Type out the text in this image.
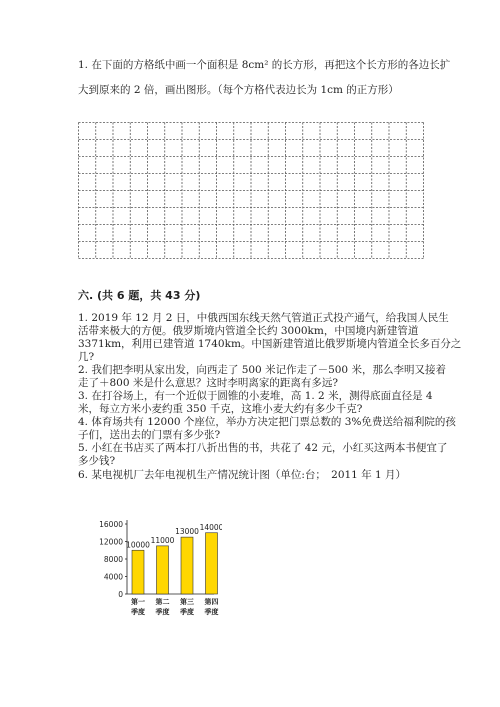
1. 在下面的方格纸中画一个面积是 8cm² 的长方形，再把这个长方形的各边长扩
大到原来的 2 倍，画出图形。（每个方格代表边长为 1cm 的正方形）
六. (共 6 题，共 43 分)
1. 2019 年 12 月 2 日，中俄西国东线天然气管道正式投产通气，给我国人民生
活带来极大的方便。俄罗斯境内管道全长约 3000km，中国境内新建管道
3371km，利用已建管道 1740km。中国新建管道比俄罗斯境内管道全长多百分之
几?
2. 我们把李明从家出发，向西走了 500 米记作走了－500 米，那么李明又接着
走了＋800 米是什么意思？这时李明离家的距离有多远?
3. 在打谷场上，有一个近似于圆锥的小麦堆，高 1. 2 米，测得底面直径是 4
米，每立方米小麦约重 350 千克，这堆小麦大约有多少千克?
4. 体育场共有 12000 个座位，举办方决定把门票总数的 3%免费送给福利院的孩
子们，送出去的门票有多少张?
5. 小红在书店买了两本打八折出售的书，共花了 42 元，小红买这两本书便宜了
多少钱?
6. 某电视机厂去年电视机生产情况统计图（单位:台；　2011 年 1 月）
0
4000
8000
12000
16000
10000
第一
季度
11000
第二
季度
13000
第三
季度
14000
第四
季度
